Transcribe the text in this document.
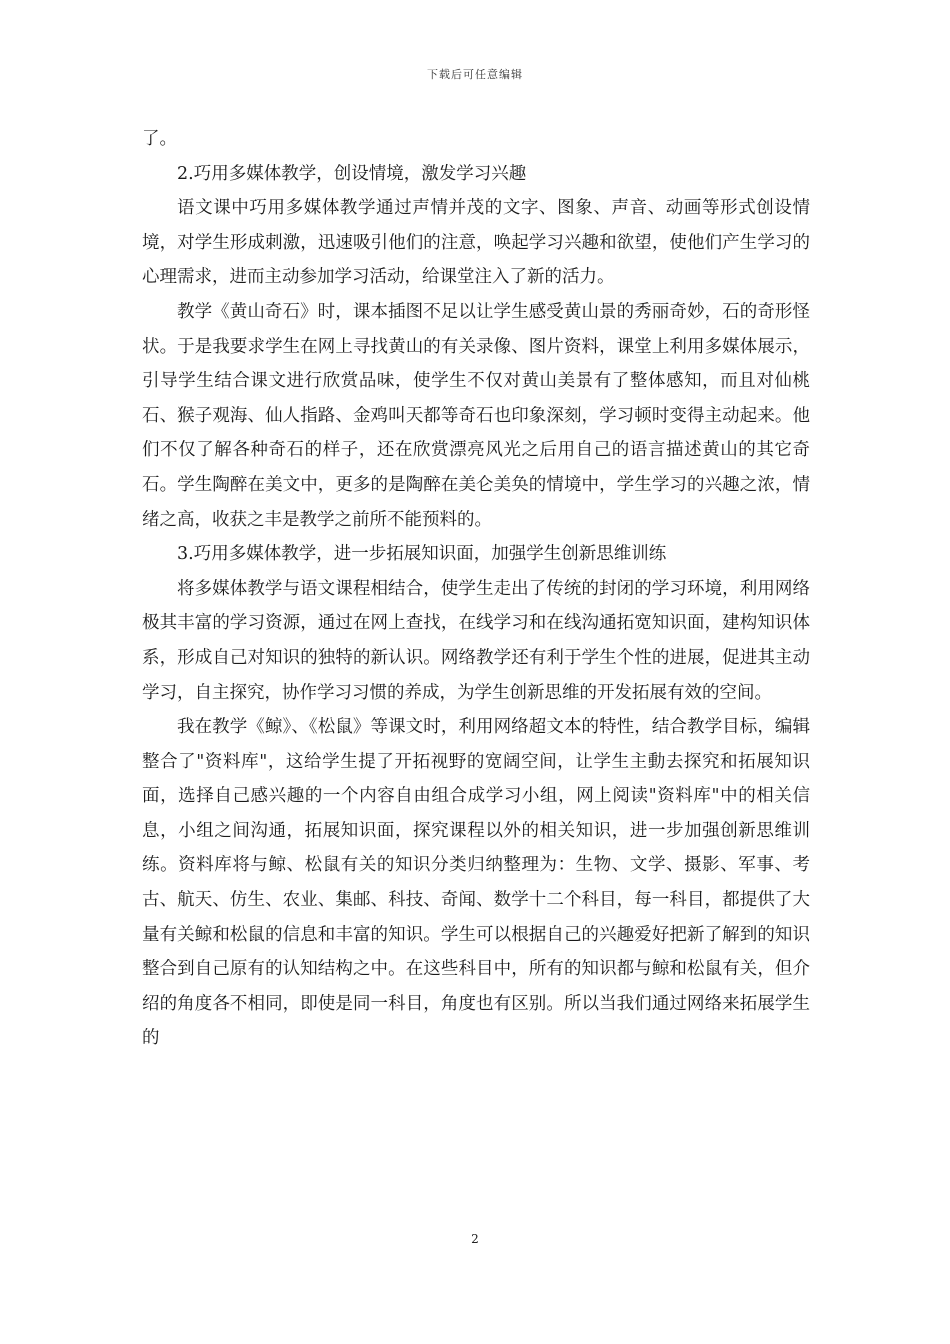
下载后可任意编辑

了。

2.巧用多媒体教学，创设情境，激发学习兴趣

语文课中巧用多媒体教学通过声情并茂的文字、图象、声音、动画等形式创设情境，对学生形成刺激，迅速吸引他们的注意，唤起学习兴趣和欲望，使他们产生学习的心理需求，进而主动参加学习活动，给课堂注入了新的活力。

教学《黄山奇石》时，课本插图不足以让学生感受黄山景的秀丽奇妙，石的奇形怪状。于是我要求学生在网上寻找黄山的有关录像、图片资料，课堂上利用多媒体展示，引导学生结合课文进行欣赏品味，使学生不仅对黄山美景有了整体感知，而且对仙桃石、猴子观海、仙人指路、金鸡叫天都等奇石也印象深刻，学习顿时变得主动起来。他们不仅了解各种奇石的样子，还在欣赏漂亮风光之后用自己的语言描述黄山的其它奇石。学生陶醉在美文中，更多的是陶醉在美仑美奂的情境中，学生学习的兴趣之浓，情绪之高，收获之丰是教学之前所不能预料的。

3.巧用多媒体教学，进一步拓展知识面，加强学生创新思维训练

将多媒体教学与语文课程相结合，使学生走出了传统的封闭的学习环境，利用网络极其丰富的学习资源，通过在网上查找，在线学习和在线沟通拓宽知识面，建构知识体系，形成自己对知识的独特的新认识。网络教学还有利于学生个性的进展，促进其主动学习，自主探究，协作学习习惯的养成，为学生创新思维的开发拓展有效的空间。

我在教学《鲸》、《松鼠》等课文时，利用网络超文本的特性，结合教学目标，编辑整合了"资料库"，这给学生提了开拓视野的宽阔空间，让学生主動去探究和拓展知识面，选择自己感兴趣的一个内容自由组合成学习小组，网上阅读"资料库"中的相关信息，小组之间沟通，拓展知识面，探究课程以外的相关知识，进一步加强创新思维训练。资料库将与鲸、松鼠有关的知识分类归纳整理为：生物、文学、摄影、军事、考古、航天、仿生、农业、集邮、科技、奇闻、数学十二个科目，每一科目，都提供了大量有关鲸和松鼠的信息和丰富的知识。学生可以根据自己的兴趣爱好把新了解到的知识整合到自己原有的认知结构之中。在这些科目中，所有的知识都与鲸和松鼠有关，但介绍的角度各不相同，即使是同一科目，角度也有区别。所以当我们通过网络来拓展学生的

2
